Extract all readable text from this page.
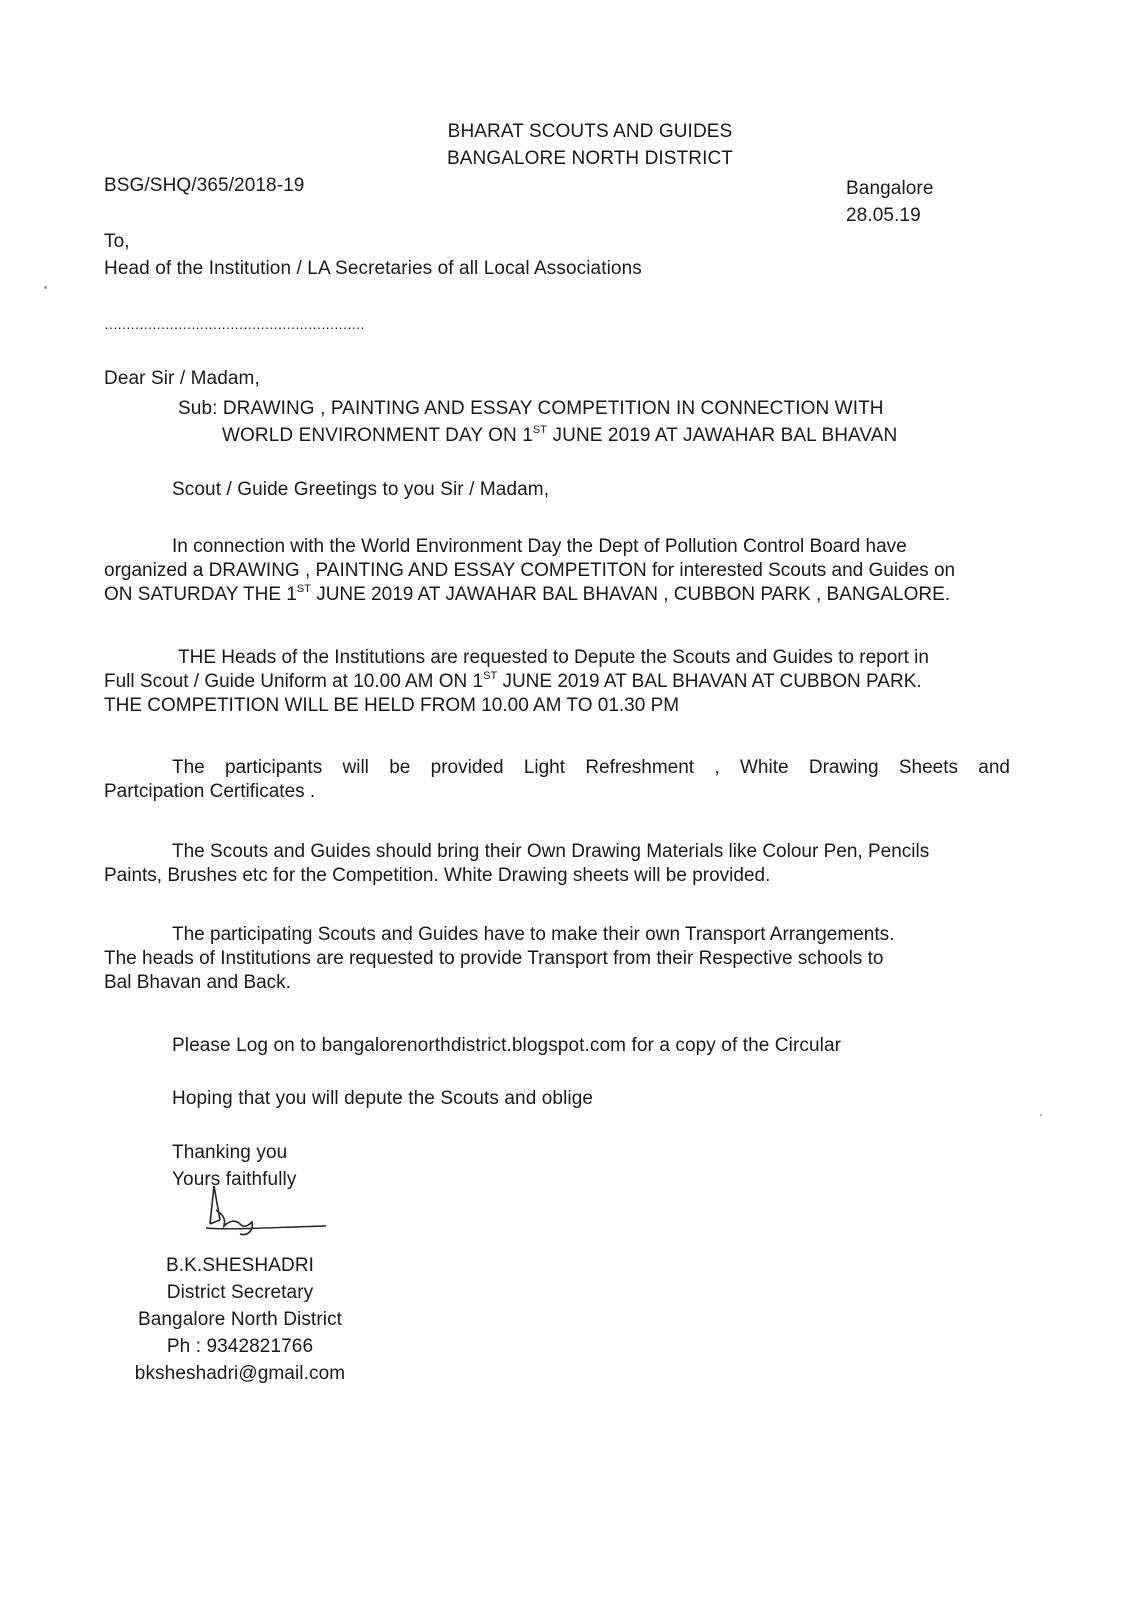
BHARAT SCOUTS AND GUIDES
BANGALORE NORTH DISTRICT
BSG/SHQ/365/2018-19	Bangalore
28.05.19
To,
Head of the Institution / LA Secretaries of all Local Associations
……………………………………………………
Dear Sir / Madam,
Sub: DRAWING , PAINTING AND ESSAY COMPETITION IN CONNECTION WITH
WORLD ENVIRONMENT DAY ON 1ST JUNE 2019 AT JAWAHAR BAL BHAVAN
Scout / Guide Greetings to you Sir / Madam,
In connection with the World Environment Day the Dept of Pollution Control Board have
organized a DRAWING , PAINTING AND ESSAY COMPETITON for interested Scouts and Guides on
ON SATURDAY THE 1ST JUNE 2019 AT JAWAHAR BAL BHAVAN , CUBBON PARK , BANGALORE.
THE Heads of the Institutions are requested to Depute the Scouts and Guides to report in
Full Scout / Guide Uniform at 10.00 AM ON 1ST JUNE 2019 AT BAL BHAVAN AT CUBBON PARK.
THE COMPETITION WILL BE HELD FROM 10.00 AM TO 01.30 PM
The participants will be provided Light Refreshment , White Drawing Sheets and
Partcipation Certificates .
The Scouts and Guides should bring their Own Drawing Materials like Colour Pen, Pencils
Paints, Brushes etc for the Competition. White Drawing sheets will be provided.
The participating Scouts and Guides have to make their own Transport Arrangements.
The heads of Institutions are requested to provide Transport from their Respective schools to
Bal Bhavan and Back.
Please Log on to bangalorenorthdistrict.blogspot.com for a copy of the Circular
Hoping that you will depute the Scouts and oblige
Thanking you
Yours faithfully
B.K.SHESHADRI
District Secretary
Bangalore North District
Ph : 9342821766
bksheshadri@gmail.com
